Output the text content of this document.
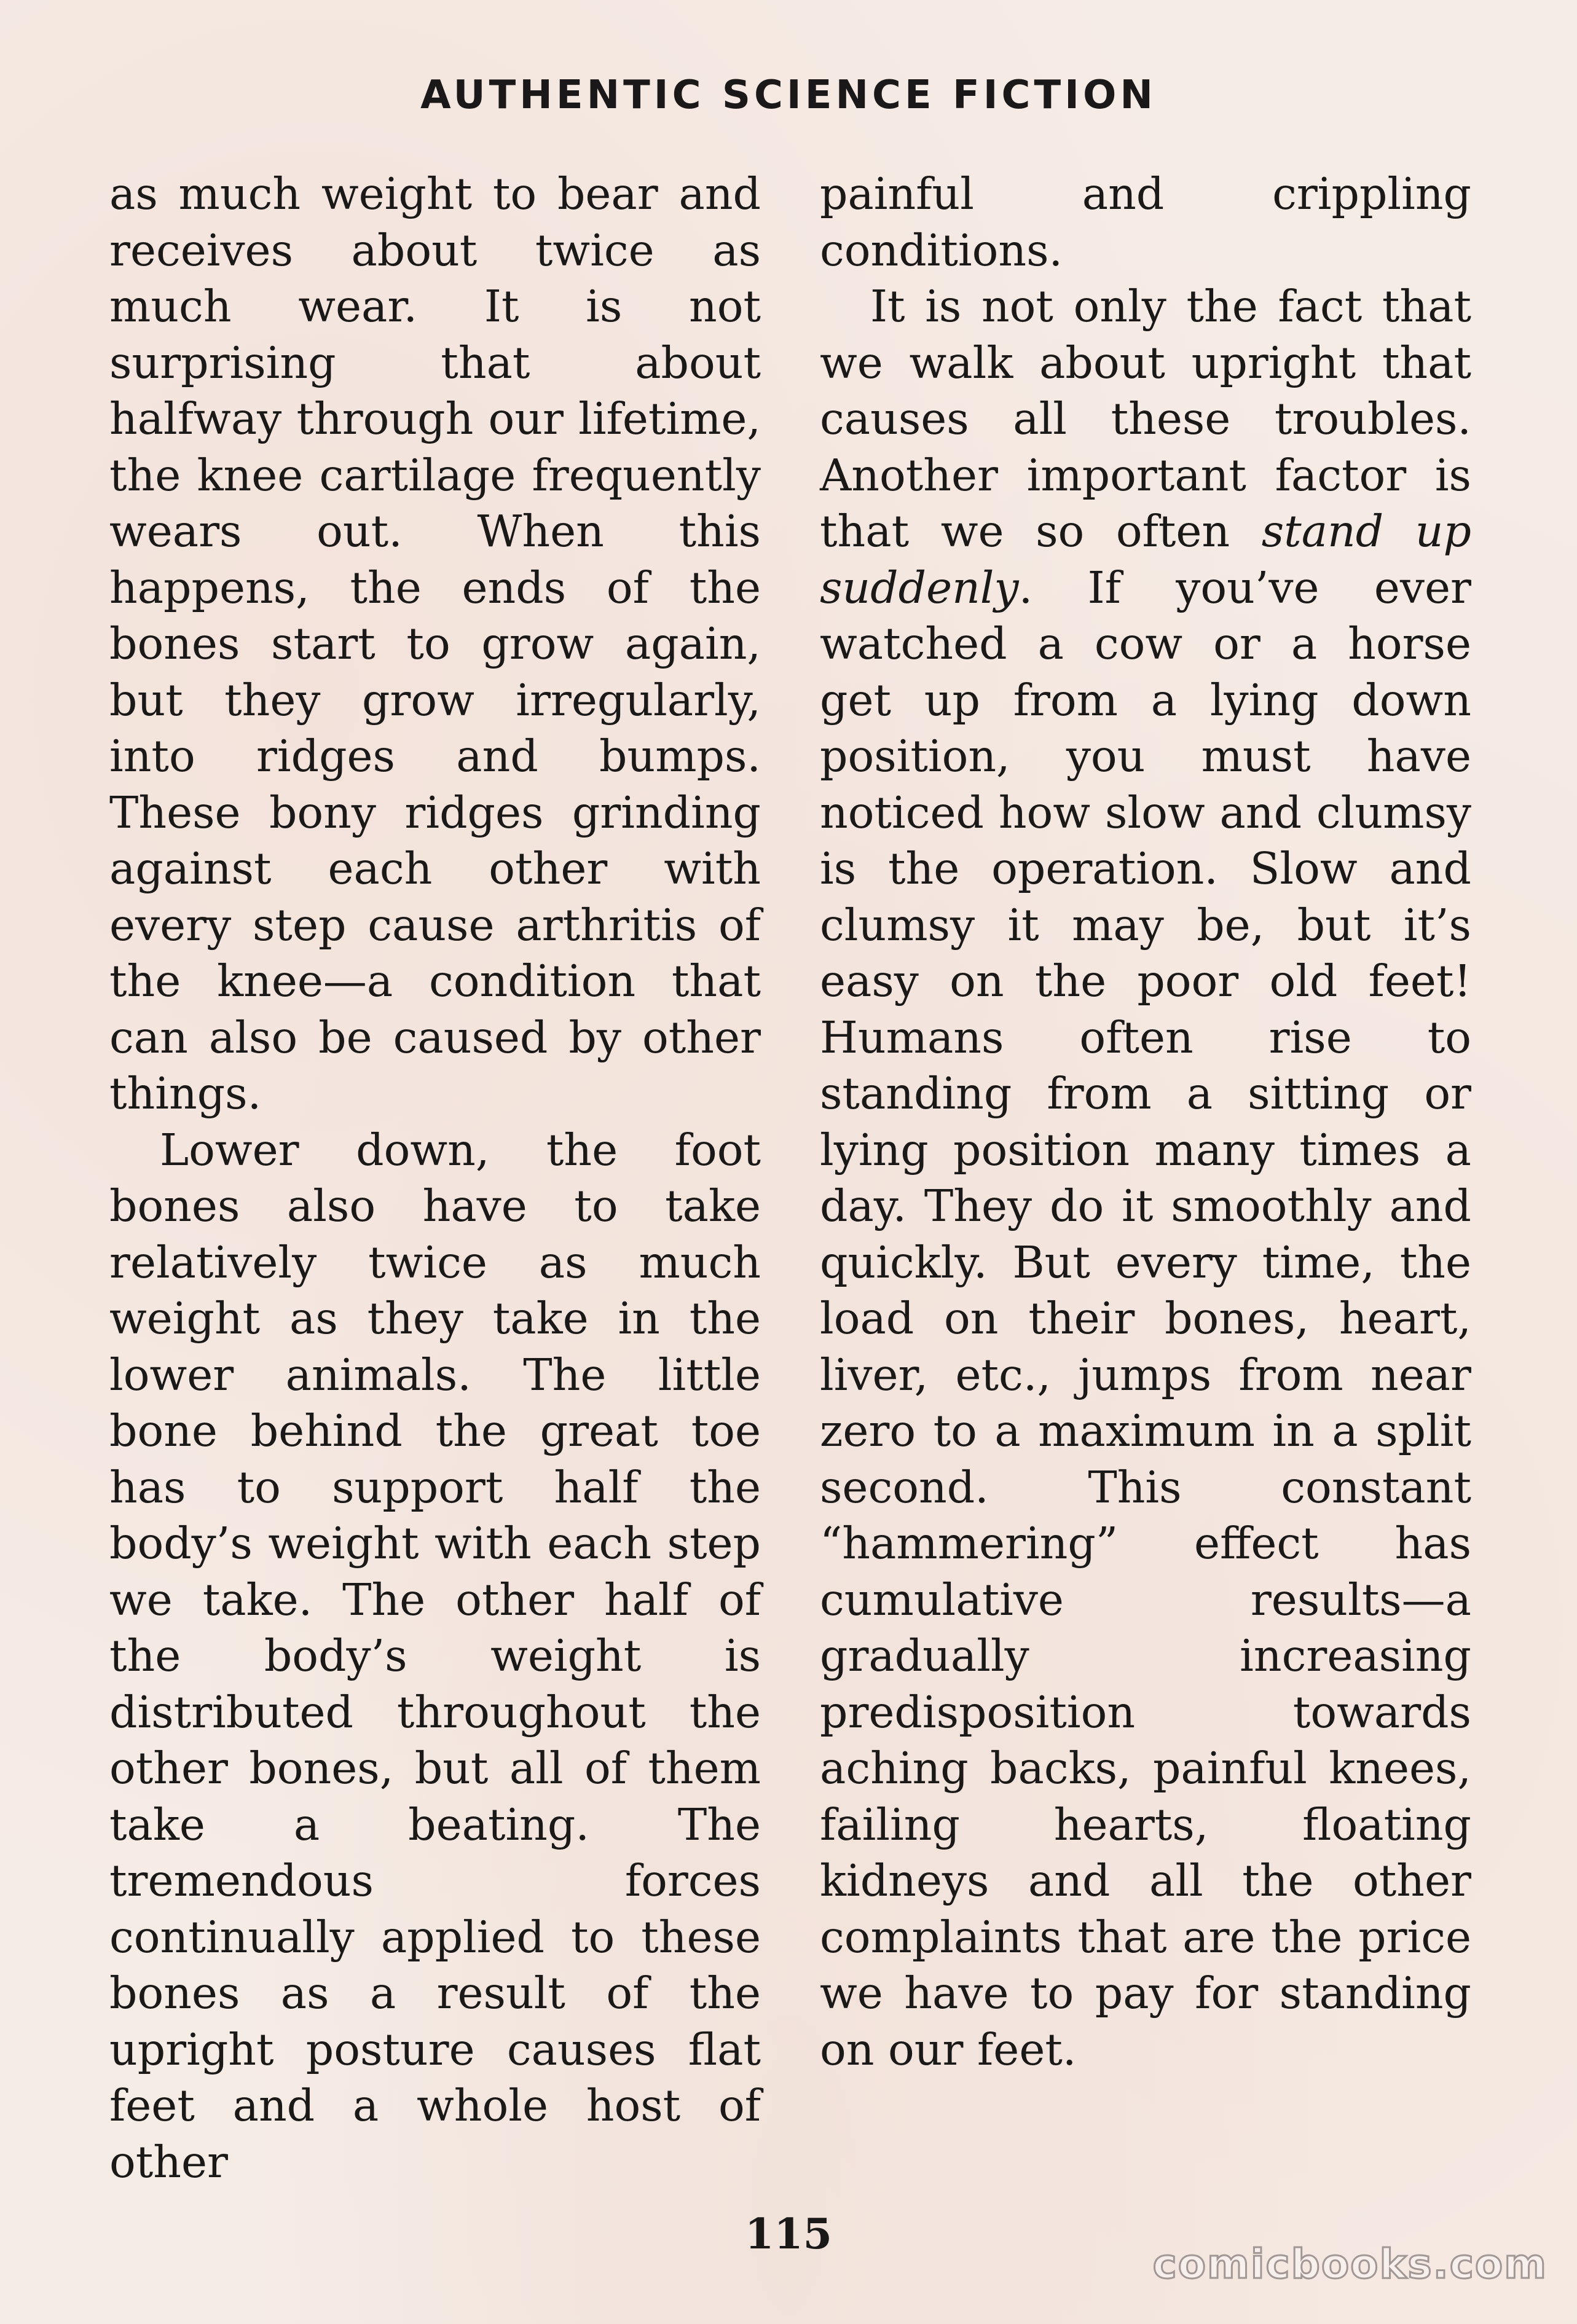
AUTHENTIC SCIENCE FICTION

as much weight to bear and receives about twice as much wear. It is not surprising that about halfway through our lifetime, the knee cartilage frequently wears out. When this happens, the ends of the bones start to grow again, but they grow irregularly, into ridges and bumps. These bony ridges grinding against each other with every step cause arthritis of the knee—a condition that can also be caused by other things.

Lower down, the foot bones also have to take relatively twice as much weight as they take in the lower animals. The little bone behind the great toe has to support half the body’s weight with each step we take. The other half of the body’s weight is distributed throughout the other bones, but all of them take a beating. The tremendous forces continually applied to these bones as a result of the upright posture causes flat feet and a whole host of other

painful and crippling conditions.

It is not only the fact that we walk about upright that causes all these troubles. Another important factor is that we so often stand up suddenly. If you’ve ever watched a cow or a horse get up from a lying down position, you must have noticed how slow and clumsy is the operation. Slow and clumsy it may be, but it’s easy on the poor old feet! Humans often rise to standing from a sitting or lying position many times a day. They do it smoothly and quickly. But every time, the load on their bones, heart, liver, etc., jumps from near zero to a maximum in a split second. This constant “hammering” effect has cumulative results—a gradually increasing predisposition towards aching backs, painful knees, failing hearts, floating kidneys and all the other complaints that are the price we have to pay for standing on our feet.

115
comicbooks.com
